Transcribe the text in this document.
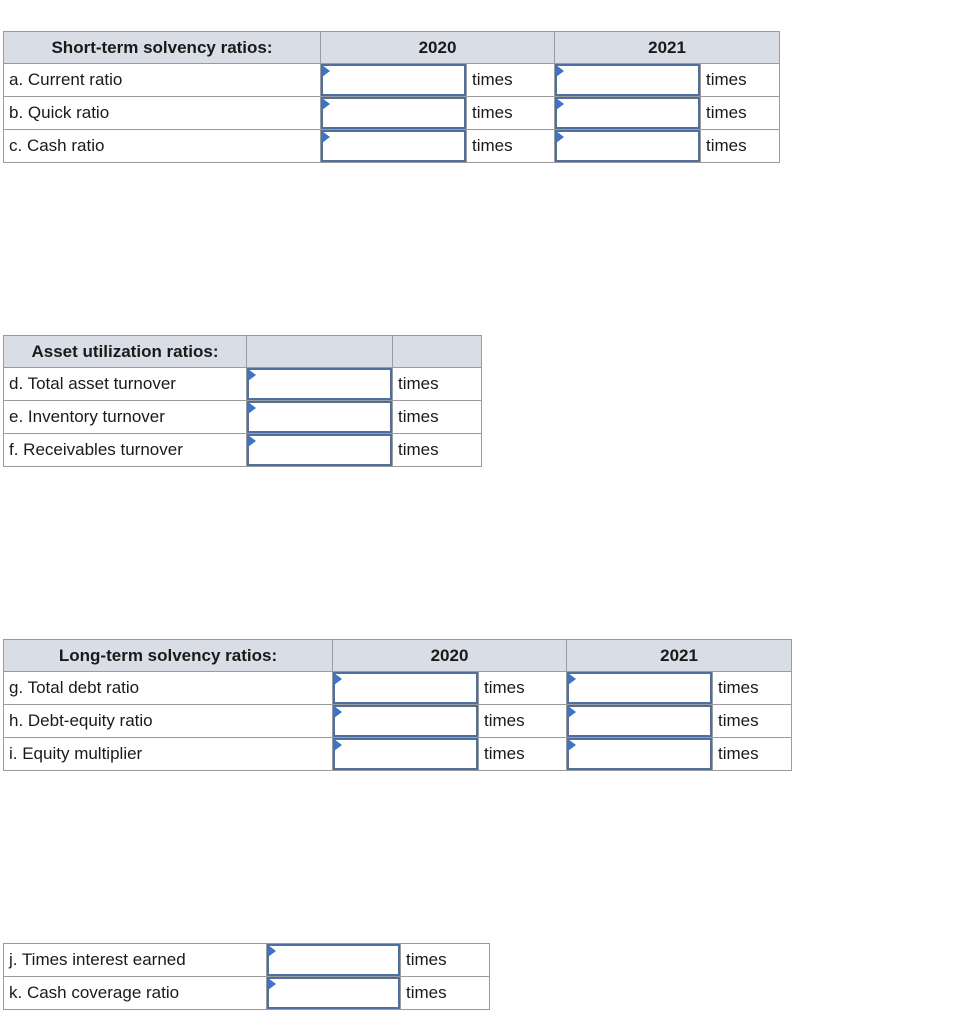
Short-term solvency ratios:	2020		2021	
a. Current ratio		times		times
b. Quick ratio		times		times
c. Cash ratio		times		times
Asset utilization ratios:		
d. Total asset turnover		times
e. Inventory turnover		times
f. Receivables turnover		times
Long-term solvency ratios:	2020		2021	
g. Total debt ratio		times		times
h. Debt-equity ratio		times		times
i. Equity multiplier		times		times
j. Times interest earned		times
k. Cash coverage ratio		times
